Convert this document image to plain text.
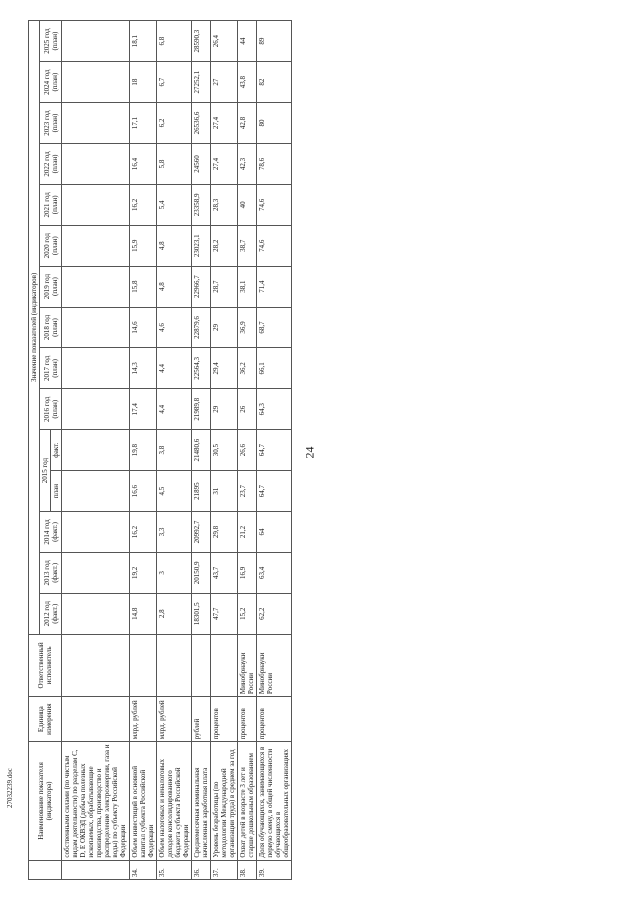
24
27032239.doc
		Наименование показателя (индикатора)	Единица измерения	Ответственный исполнитель	Значение показателей (индикаторов)														
				2012 год (факт.)	2013 год (факт.)	2014 год (факт.)	2015 год		2016 год (план)	2017 год (план)	2018 год (план)	2019 год (план)	2020 год (план)	2021 год (план)	2022 год (план)	2023 год (план)	2024 год (план)	2025 год (план)
							план	факт.										
	собственными силами (по чистым видам деятельности) по разделам С, D, Е ОКВЭД (добыча полезных ископаемых, обрабатывающие производства, производство и распределение электроэнергии, газа и воды) по субъекту Российской Федерации																	
34.	Объем инвестиций в основной капитал субъекта Российской Федерации	млрд. рублей		14,8	19,2	16,2	16,6	19,8	17,4	14,3	14,6	15,8	15,9	16,2	16,4	17,1	18	18,1
35.	Объем налоговых и неналоговых доходов консолидированного бюджета субъекта Российской Федерации	млрд. рублей		2,8	3	3,3	4,5	3,8	4,4	4,4	4,6	4,8	4,8	5,4	5,8	6,2	6,7	6,8
36.	Среднемесячная номинальная начисленная заработная плата	рублей		18301,5	20150,9	20992,7	21895	21480,6	21989,8	22564,3	22879,6	22966,7	23023,1	23358,9	24560	26536,6	27252,1	28590,3
37.	Уровень безработицы (по методологии Международной организации труда) в среднем за год	процентов		47,7	43,7	29,8	31	30,5	29	29,4	29	28,7	28,2	28,3	27,4	27,4	27	26,4
38.	Охват детей в возрасте 3 лет и старше дошкольным образованием	процентов	Минобрнауки России	15,2	16,9	21,2	23,7	26,6	26	36,2	36,9	38,1	38,7	40	42,3	42,8	43,8	44
39.	Доля обучающихся, занимающихся в первую смену, в общей численности обучающихся в общеобразовательных организациях	процентов	Минобрнауки России	62,2	63,4	64	64,7	64,7	64,3	66,1	68,7	71,4	74,6	74,6	78,6	80	82	89
